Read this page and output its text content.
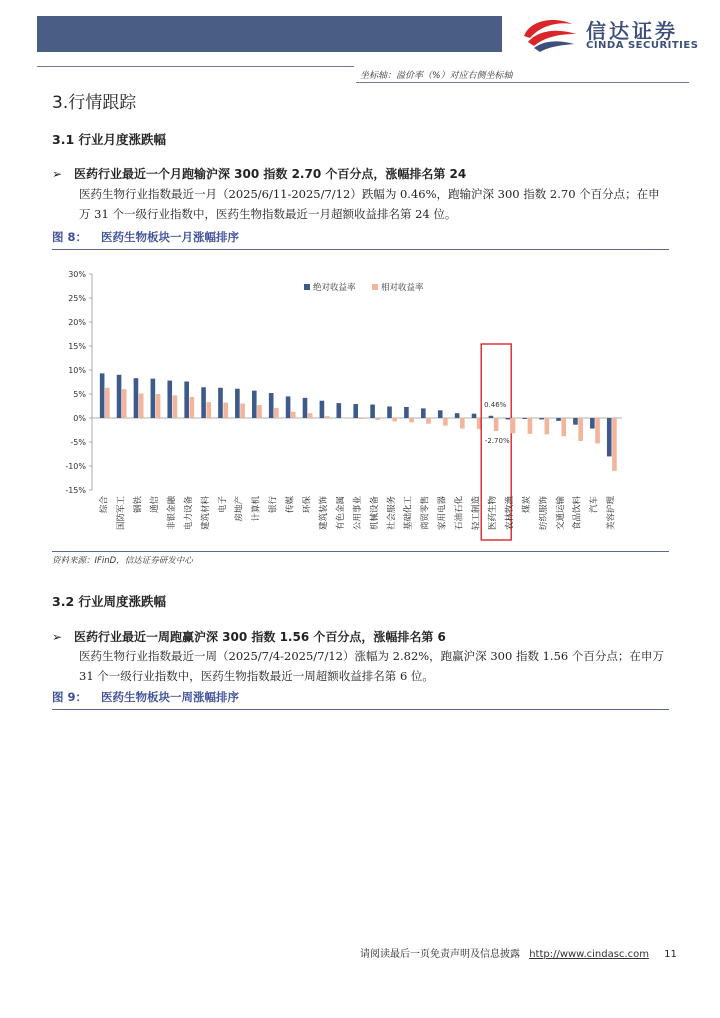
信达证券
CINDA SECURITIES
坐标轴：溢价率（%）对应右侧坐标轴
3.行情跟踪
3.1 行业月度涨跌幅
➢ 医药行业最近一个月跑输沪深 300 指数 2.70 个百分点，涨幅排名第 24
医药生物行业指数最近一月（2025/6/11-2025/7/12）跌幅为 0.46%，跑输沪深 300 指数 2.70 个百分点；在申万 31 个一级行业指数中，医药生物指数最近一月超额收益排名第 24 位。
图 8： 医药生物板块一月涨幅排序
30%
25%
20%
15%
10%
5%
0%
-5%
-10%
-15%
综合 国防军工 钢铁 通信 非银金融 电力设备 建筑材料 电子 房地产 计算机 银行 传媒 环保 建筑装饰 有色金属 公用事业 机械设备 社会服务 基础化工 商贸零售 家用电器 石油石化 轻工制造 医药生物
0.46%
-2.70%
农林牧渔 煤炭 纺织服饰 交通运输 食品饮料 汽车 美容护理
绝对收益率	相对收益率
资料来源：IFinD，信达证券研发中心
3.2 行业周度涨跌幅
➢ 医药行业最近一周跑赢沪深 300 指数 1.56 个百分点，涨幅排名第 6
医药生物行业指数最近一周（2025/7/4-2025/7/12）涨幅为 2.82%，跑赢沪深 300 指数 1.56 个百分点；在申万 31 个一级行业指数中，医药生物指数最近一周超额收益排名第 6 位。
图 9： 医药生物板块一周涨幅排序
请阅读最后一页免责声明及信息披露 http://www.cindasc.com 11
